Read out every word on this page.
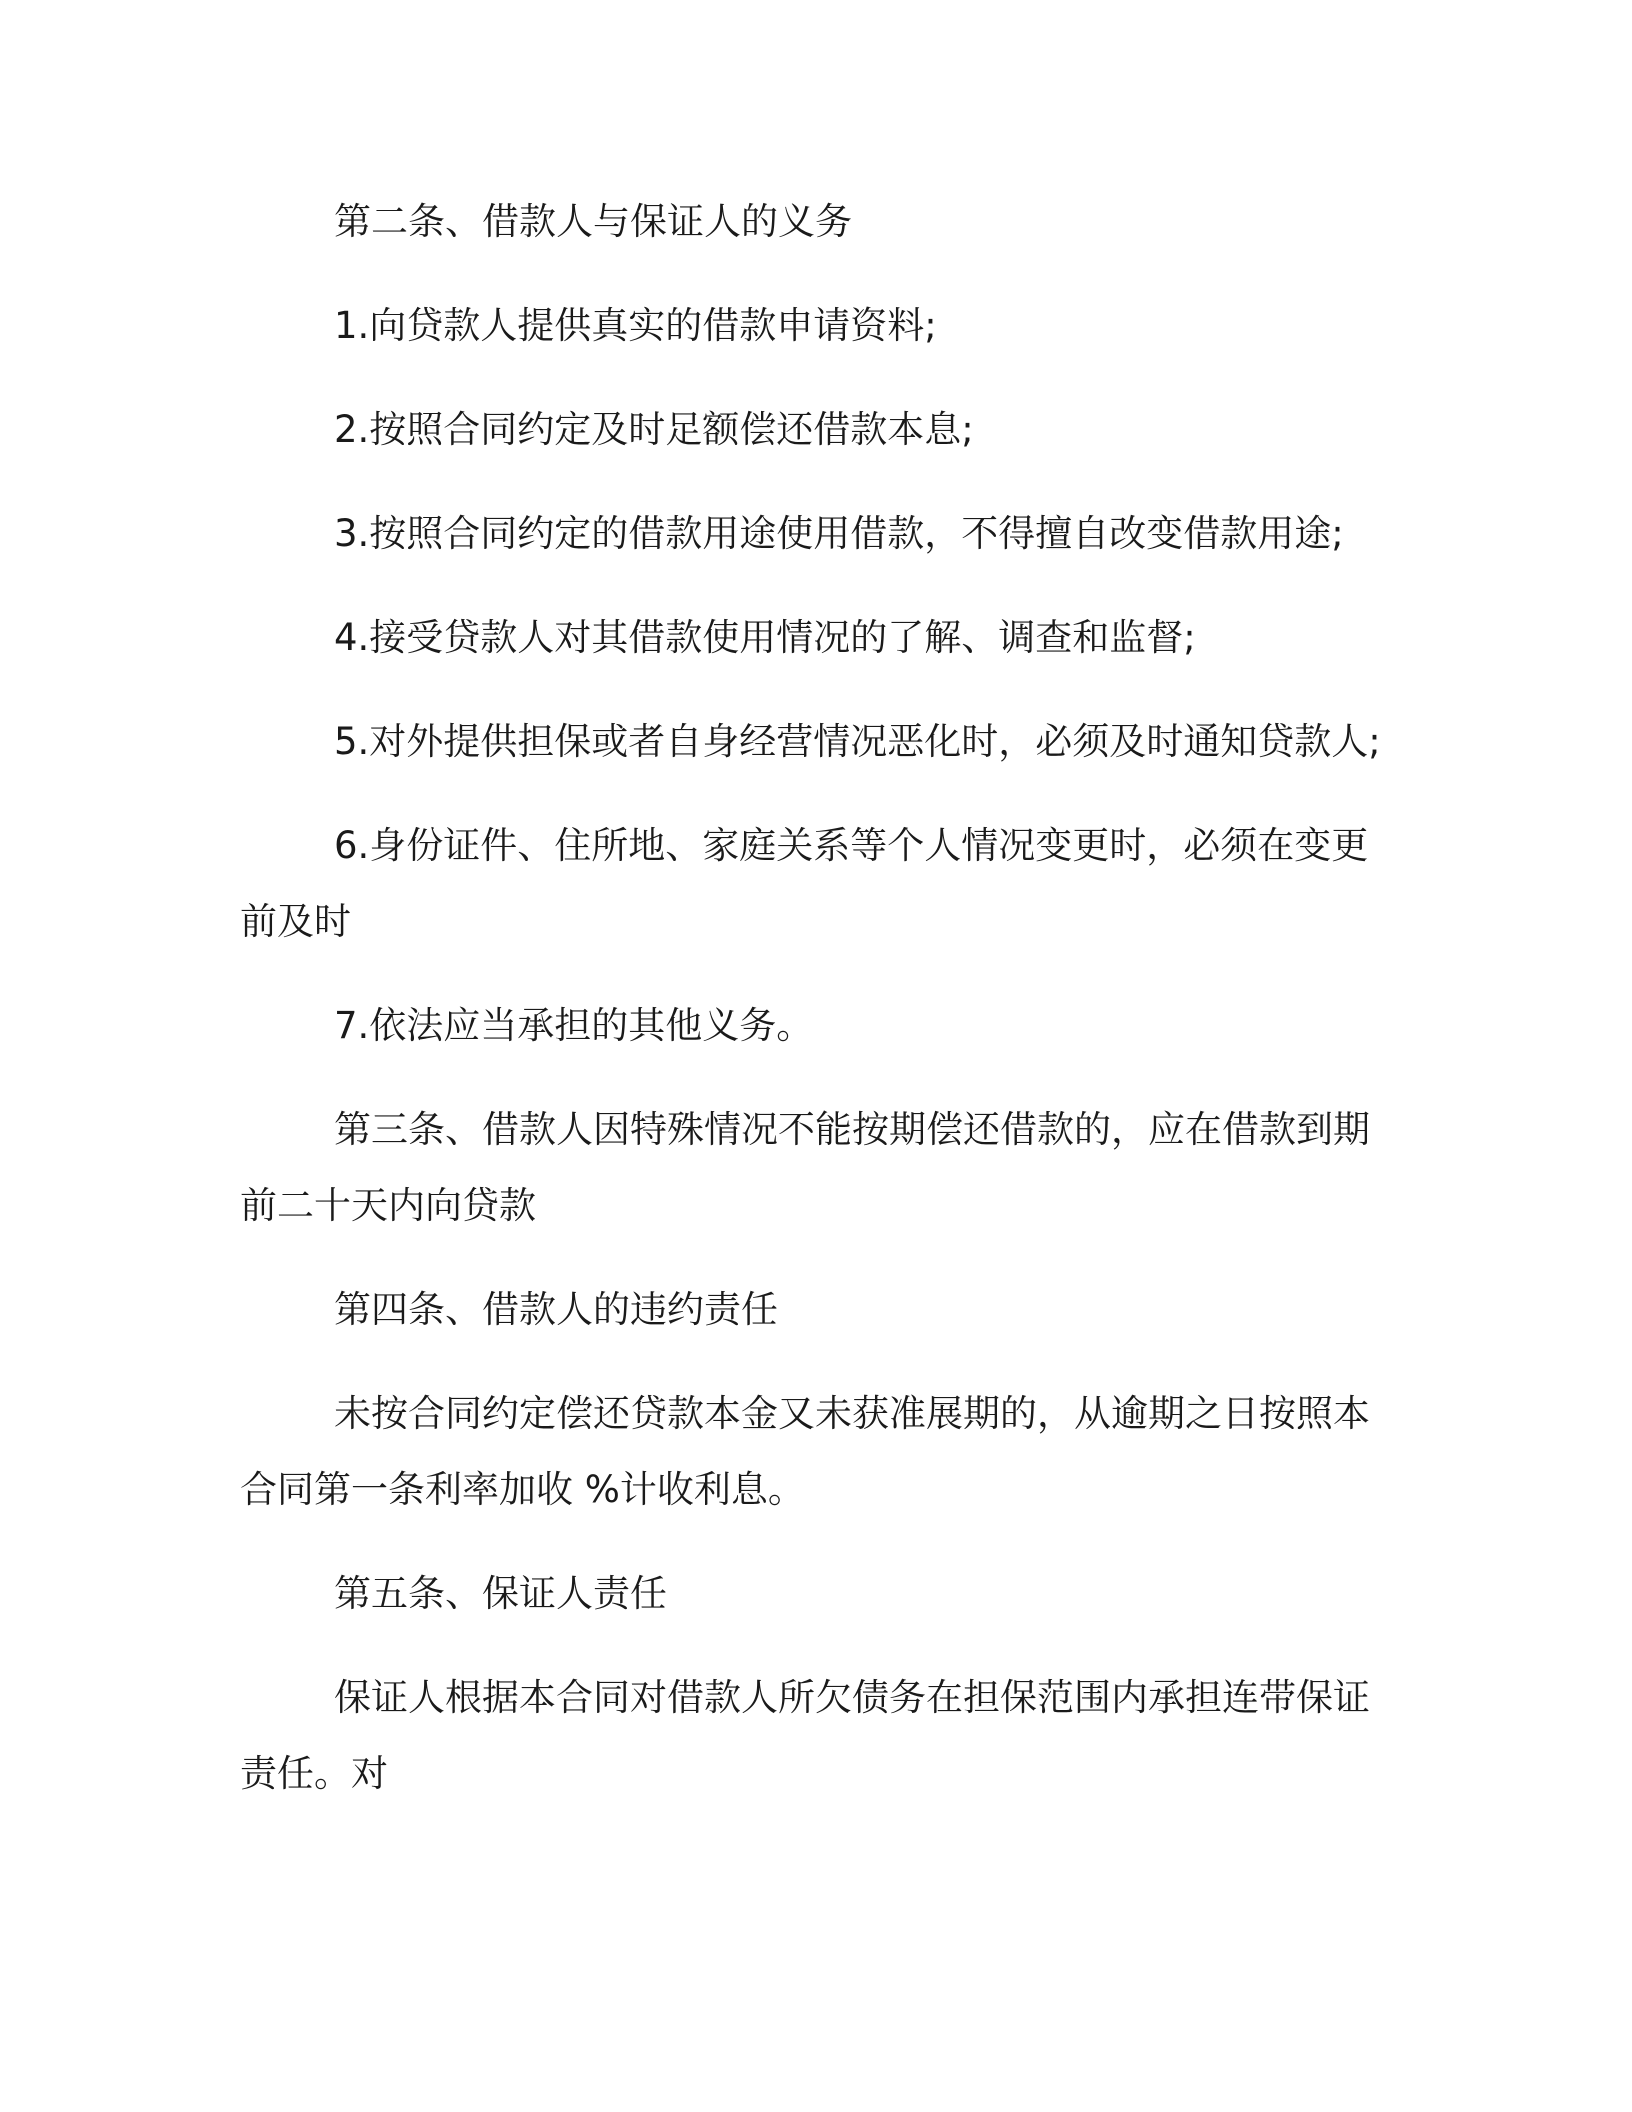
第二条、借款人与保证人的义务

1.向贷款人提供真实的借款申请资料;

2.按照合同约定及时足额偿还借款本息;

3.按照合同约定的借款用途使用借款，不得擅自改变借款用途;

4.接受贷款人对其借款使用情况的了解、调查和监督;

5.对外提供担保或者自身经营情况恶化时，必须及时通知贷款人;

6.身份证件、住所地、家庭关系等个人情况变更时，必须在变更前及时

7.依法应当承担的其他义务。

第三条、借款人因特殊情况不能按期偿还借款的，应在借款到期前二十天内向贷款

第四条、借款人的违约责任

未按合同约定偿还贷款本金又未获准展期的，从逾期之日按照本合同第一条利率加收 %计收利息。

第五条、保证人责任

保证人根据本合同对借款人所欠债务在担保范围内承担连带保证责任。对
